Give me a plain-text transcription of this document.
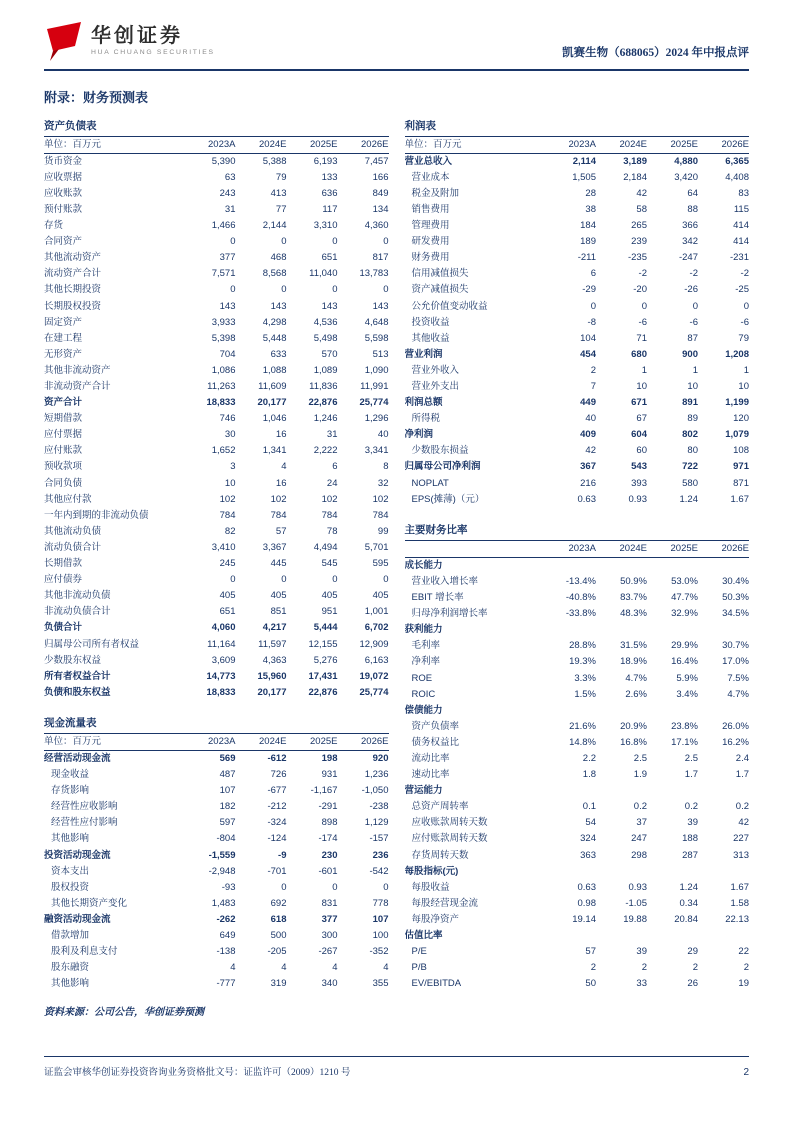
华创证券
HUA CHUANG SECURITIES	凯赛生物（688065）2024 年中报点评
附录：财务预测表
资产负债表
单位：百万元	2023A	2024E	2025E	2026E
货币资金	5,390	5,388	6,193	7,457
应收票据	63	79	133	166
应收账款	243	413	636	849
预付账款	31	77	117	134
存货	1,466	2,144	3,310	4,360
合同资产	0	0	0	0
其他流动资产	377	468	651	817
流动资产合计	7,571	8,568	11,040	13,783
其他长期投资	0	0	0	0
长期股权投资	143	143	143	143
固定资产	3,933	4,298	4,536	4,648
在建工程	5,398	5,448	5,498	5,598
无形资产	704	633	570	513
其他非流动资产	1,086	1,088	1,089	1,090
非流动资产合计	11,263	11,609	11,836	11,991
资产合计	18,833	20,177	22,876	25,774
短期借款	746	1,046	1,246	1,296
应付票据	30	16	31	40
应付账款	1,652	1,341	2,222	3,341
预收款项	3	4	6	8
合同负债	10	16	24	32
其他应付款	102	102	102	102
一年内到期的非流动负债	784	784	784	784
其他流动负债	82	57	78	99
流动负债合计	3,410	3,367	4,494	5,701
长期借款	245	445	545	595
应付债券	0	0	0	0
其他非流动负债	405	405	405	405
非流动负债合计	651	851	951	1,001
负债合计	4,060	4,217	5,444	6,702
归属母公司所有者权益	11,164	11,597	12,155	12,909
少数股东权益	3,609	4,363	5,276	6,163
所有者权益合计	14,773	15,960	17,431	19,072
负债和股东权益	18,833	20,177	22,876	25,774
现金流量表
单位：百万元	2023A	2024E	2025E	2026E
经营活动现金流	569	-612	198	920
现金收益	487	726	931	1,236
存货影响	107	-677	-1,167	-1,050
经营性应收影响	182	-212	-291	-238
经营性应付影响	597	-324	898	1,129
其他影响	-804	-124	-174	-157
投资活动现金流	-1,559	-9	230	236
资本支出	-2,948	-701	-601	-542
股权投资	-93	0	0	0
其他长期资产变化	1,483	692	831	778
融资活动现金流	-262	618	377	107
借款增加	649	500	300	100
股利及利息支付	-138	-205	-267	-352
股东融资	4	4	4	4
其他影响	-777	319	340	355
资料来源：公司公告，华创证券预测
利润表
单位：百万元	2023A	2024E	2025E	2026E
营业总收入	2,114	3,189	4,880	6,365
营业成本	1,505	2,184	3,420	4,408
税金及附加	28	42	64	83
销售费用	38	58	88	115
管理费用	184	265	366	414
研发费用	189	239	342	414
财务费用	-211	-235	-247	-231
信用减值损失	6	-2	-2	-2
资产减值损失	-29	-20	-26	-25
公允价值变动收益	0	0	0	0
投资收益	-8	-6	-6	-6
其他收益	104	71	87	79
营业利润	454	680	900	1,208
营业外收入	2	1	1	1
营业外支出	7	10	10	10
利润总额	449	671	891	1,199
所得税	40	67	89	120
净利润	409	604	802	1,079
少数股东损益	42	60	80	108
归属母公司净利润	367	543	722	971
NOPLAT	216	393	580	871
EPS(摊薄)（元）	0.63	0.93	1.24	1.67
主要财务比率
	2023A	2024E	2025E	2026E
成长能力				
营业收入增长率	-13.4%	50.9%	53.0%	30.4%
EBIT 增长率	-40.8%	83.7%	47.7%	50.3%
归母净利润增长率	-33.8%	48.3%	32.9%	34.5%
获利能力				
毛利率	28.8%	31.5%	29.9%	30.7%
净利率	19.3%	18.9%	16.4%	17.0%
ROE	3.3%	4.7%	5.9%	7.5%
ROIC	1.5%	2.6%	3.4%	4.7%
偿债能力				
资产负债率	21.6%	20.9%	23.8%	26.0%
债务权益比	14.8%	16.8%	17.1%	16.2%
流动比率	2.2	2.5	2.5	2.4
速动比率	1.8	1.9	1.7	1.7
营运能力				
总资产周转率	0.1	0.2	0.2	0.2
应收账款周转天数	54	37	39	42
应付账款周转天数	324	247	188	227
存货周转天数	363	298	287	313
每股指标(元)				
每股收益	0.63	0.93	1.24	1.67
每股经营现金流	0.98	-1.05	0.34	1.58
每股净资产	19.14	19.88	20.84	22.13
估值比率				
P/E	57	39	29	22
P/B	2	2	2	2
EV/EBITDA	50	33	26	19
证监会审核华创证券投资咨询业务资格批文号：证监许可（2009）1210 号	2
